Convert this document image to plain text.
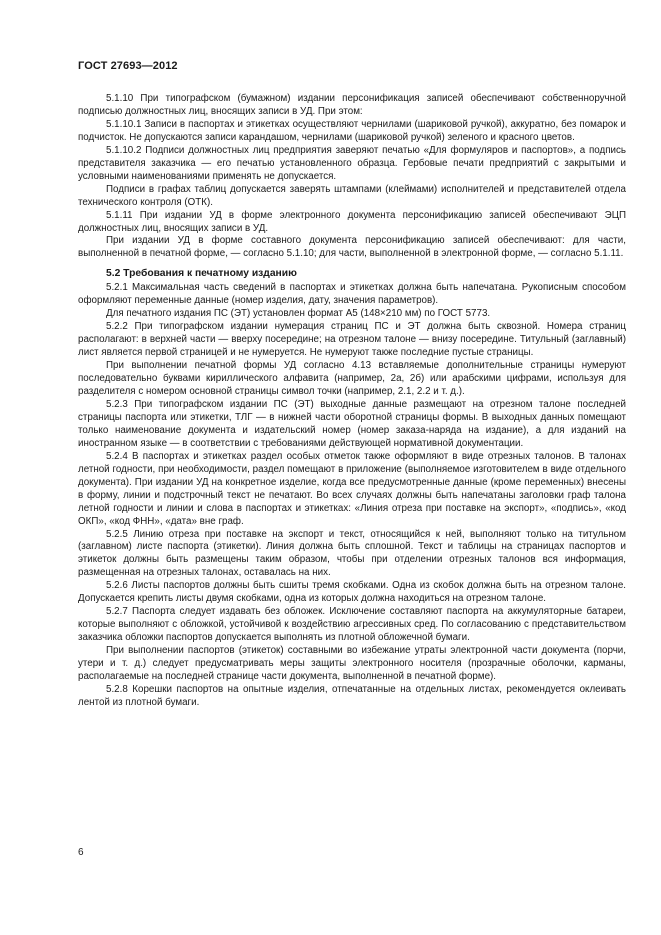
ГОСТ 27693—2012

5.1.10 При типографском (бумажном) издании персонификация записей обеспечивают собственноручной подписью должностных лиц, вносящих записи в УД. При этом:

5.1.10.1 Записи в паспортах и этикетках осуществляют чернилами (шариковой ручкой), аккуратно, без помарок и подчисток. Не допускаются записи карандашом, чернилами (шариковой ручкой) зеленого и красного цветов.

5.1.10.2 Подписи должностных лиц предприятия заверяют печатью «Для формуляров и паспортов», а подпись представителя заказчика — его печатью установленного образца. Гербовые печати предприятий с закрытыми и условными наименованиями применять не допускается.

Подписи в графах таблиц допускается заверять штампами (клеймами) исполнителей и представителей отдела технического контроля (ОТК).

5.1.11 При издании УД в форме электронного документа персонификацию записей обеспечивают ЭЦП должностных лиц, вносящих записи в УД.

При издании УД в форме составного документа персонификацию записей обеспечивают: для части, выполненной в печатной форме, — согласно 5.1.10; для части, выполненной в электронной форме, — согласно 5.1.11.

5.2 Требования к печатному изданию

5.2.1 Максимальная часть сведений в паспортах и этикетках должна быть напечатана. Рукописным способом оформляют переменные данные (номер изделия, дату, значения параметров).

Для печатного издания ПС (ЭТ) установлен формат А5 (148×210 мм) по ГОСТ 5773.

5.2.2 При типографском издании нумерация страниц ПС и ЭТ должна быть сквозной. Номера страниц располагают: в верхней части — вверху посередине; на отрезном талоне — внизу посередине. Титульный (заглавный) лист является первой страницей и не нумеруется. Не нумеруют также последние пустые страницы.

При выполнении печатной формы УД согласно 4.13 вставляемые дополнительные страницы нумеруют последовательно буквами кириллического алфавита (например, 2а, 2б) или арабскими цифрами, используя для разделителя с номером основной страницы символ точки (например, 2.1, 2.2 и т. д.).

5.2.3 При типографском издании ПС (ЭТ) выходные данные размещают на отрезном талоне последней страницы паспорта или этикетки, ТЛГ — в нижней части оборотной страницы формы. В выходных данных помещают только наименование документа и издательский номер (номер заказа-наряда на издание), а для изданий на иностранном языке — в соответствии с требованиями действующей нормативной документации.

5.2.4 В паспортах и этикетках раздел особых отметок также оформляют в виде отрезных талонов. В талонах летной годности, при необходимости, раздел помещают в приложение (выполняемое изготовителем в виде отдельного документа). При издании УД на конкретное изделие, когда все предусмотренные данные (кроме переменных) внесены в форму, линии и подстрочный текст не печатают. Во всех случаях должны быть напечатаны заголовки граф талона летной годности и линии и слова в паспортах и этикетках: «Линия отреза при поставке на экспорт», «подпись», «код ОКП», «код ФНН», «дата» вне граф.

5.2.5 Линию отреза при поставке на экспорт и текст, относящийся к ней, выполняют только на титульном (заглавном) листе паспорта (этикетки). Линия должна быть сплошной. Текст и таблицы на страницах паспортов и этикеток должны быть размещены таким образом, чтобы при отделении отрезных талонов вся информация, размещенная на отрезных талонах, оставалась на них.

5.2.6 Листы паспортов должны быть сшиты тремя скобками. Одна из скобок должна быть на отрезном талоне. Допускается крепить листы двумя скобками, одна из которых должна находиться на отрезном талоне.

5.2.7 Паспорта следует издавать без обложек. Исключение составляют паспорта на аккумуляторные батареи, которые выполняют с обложкой, устойчивой к воздействию агрессивных сред. По согласованию с представительством заказчика обложки паспортов допускается выполнять из плотной обложечной бумаги.

При выполнении паспортов (этикеток) составными во избежание утраты электронной части документа (порчи, утери и т. д.) следует предусматривать меры защиты электронного носителя (прозрачные оболочки, карманы, располагаемые на последней странице части документа, выполненной в печатной форме).

5.2.8 Корешки паспортов на опытные изделия, отпечатанные на отдельных листах, рекомендуется оклеивать лентой из плотной бумаги.

6
